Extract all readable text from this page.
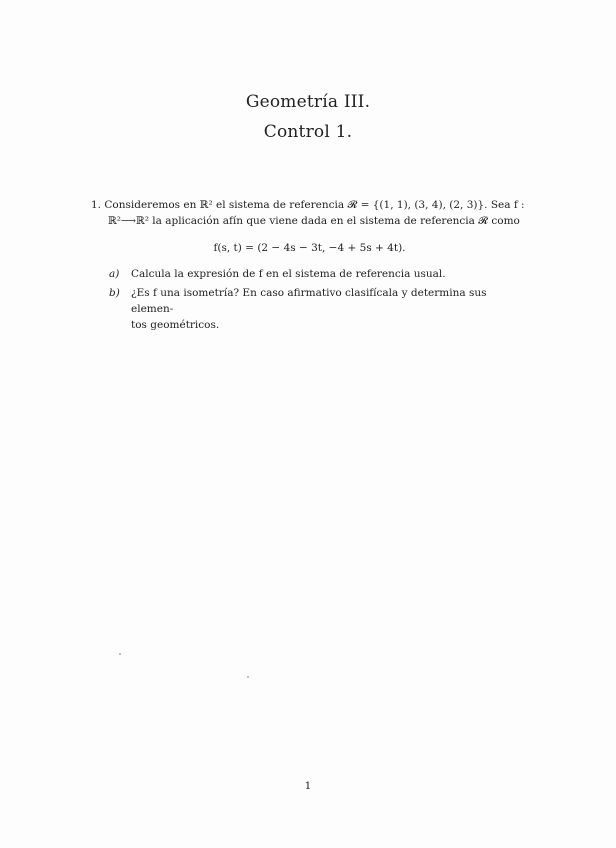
Geometría III.
Control 1.
1. Consideremos en ℝ² el sistema de referencia 𝓡 = {(1, 1), (3, 4), (2, 3)}. Sea f :
ℝ²⟶ℝ² la aplicación afín que viene dada en el sistema de referencia 𝓡 como
f(s, t) = (2 − 4s − 3t, −4 + 5s + 4t).
a)	Calcula la expresión de f en el sistema de referencia usual.
b)	¿Es f una isometría? En caso afirmativo clasifícala y determina sus elemen-
tos geométricos.
1
